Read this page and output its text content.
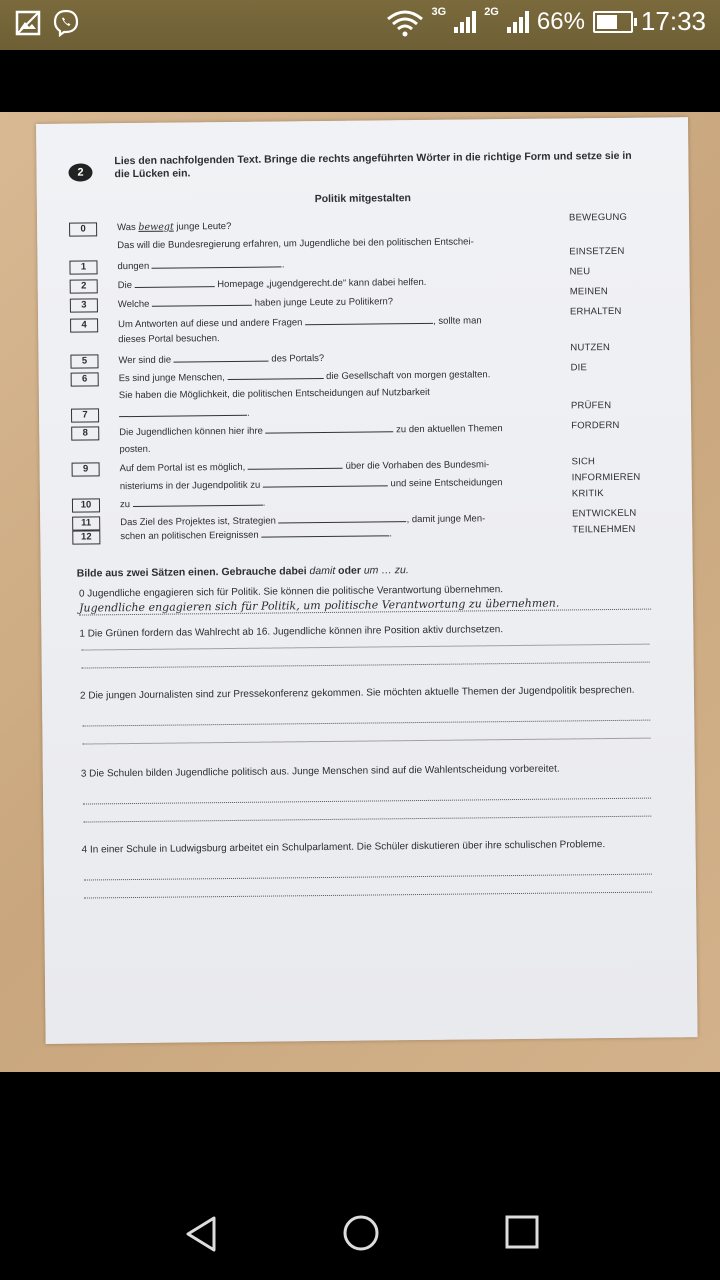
3G	2G 66% 17:33
2
Lies den nachfolgenden Text. Bringe die rechts angeführten Wörter in die richtige Form und setze sie in die Lücken ein.
Politik mitgestalten
0	Was bewegt junge Leute?
Das will die Bundesregierung erfahren, um Jugendliche bei den politischen Entschei-
1	dungen	.
2	Die	Homepage „jugendgerecht.de“ kann dabei helfen.
3	Welche	haben junge Leute zu Politikern?
4	Um Antworten auf diese und andere Fragen	, sollte man
dieses Portal besuchen.
5	Wer sind die	des Portals?
6	Es sind junge Menschen,	die Gesellschaft von morgen gestalten.
Sie haben die Möglichkeit, die politischen Entscheidungen auf Nutzbarkeit
7	.
8	Die Jugendlichen können hier ihre	zu den aktuellen Themen
posten.
9	Auf dem Portal ist es möglich,	über die Vorhaben des Bundesmi-
nisteriums in der Jugendpolitik zu	und seine Entscheidungen
10	zu	.
11	Das Ziel des Projektes ist, Strategien	, damit junge Men-
12	schen an politischen Ereignissen	.
BEWEGUNG
EINSETZEN
NEU
MEINEN
ERHALTEN
NUTZEN
DIE
PRÜFEN
FORDERN
SICH
INFORMIEREN
KRITIK
ENTWICKELN
TEILNEHMEN
Bilde aus zwei Sätzen einen. Gebrauche dabei damit oder um … zu.
0 Jugendliche engagieren sich für Politik. Sie können die politische Verantwortung übernehmen.
Jugendliche engagieren sich für Politik, um politische Verantwortung zu übernehmen.
1 Die Grünen fordern das Wahlrecht ab 16. Jugendliche können ihre Position aktiv durchsetzen.
2 Die jungen Journalisten sind zur Pressekonferenz gekommen. Sie möchten aktuelle Themen der Jugendpolitik besprechen.
3 Die Schulen bilden Jugendliche politisch aus. Junge Menschen sind auf die Wahlentscheidung vorbereitet.
4 In einer Schule in Ludwigsburg arbeitet ein Schulparlament. Die Schüler diskutieren über ihre schulischen Probleme.
